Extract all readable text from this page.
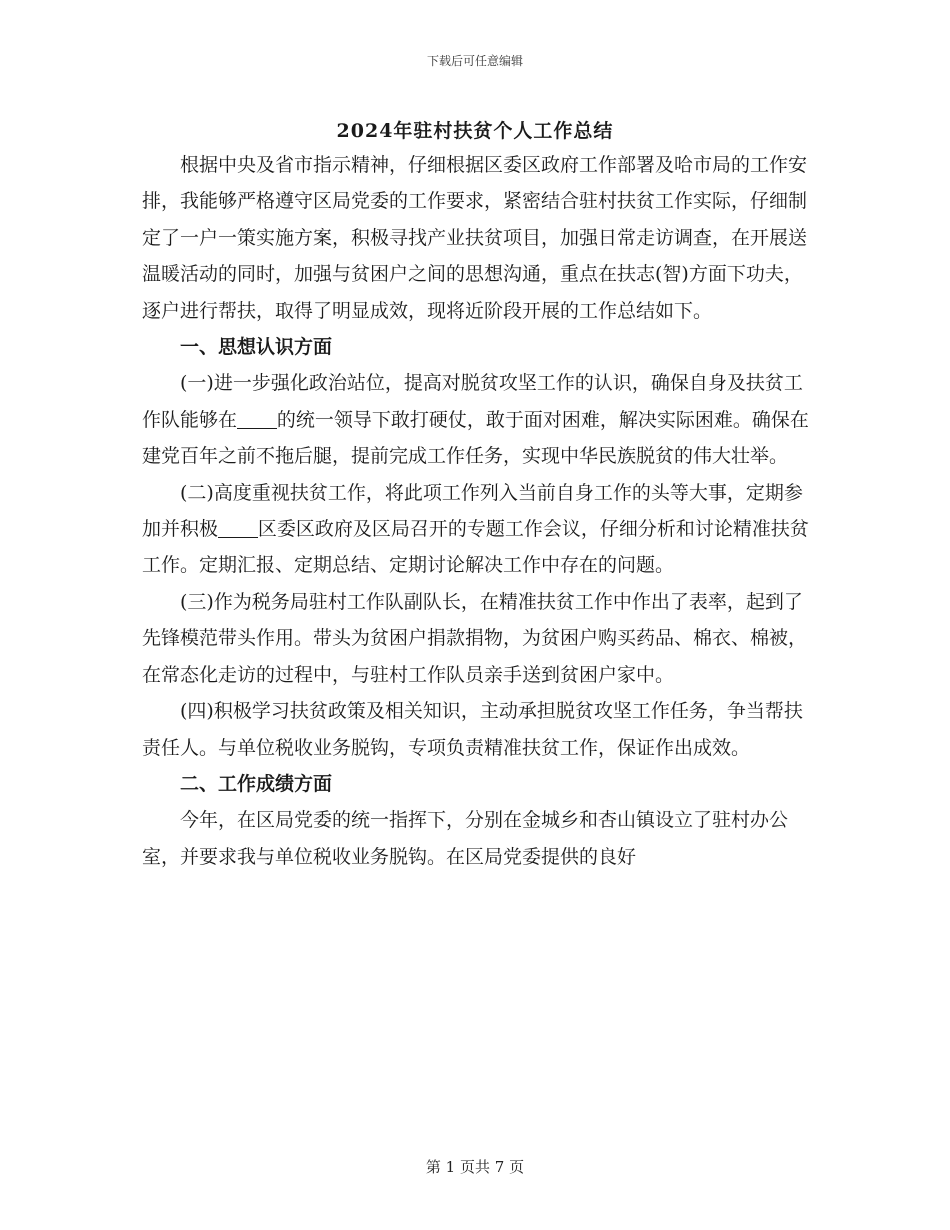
下载后可任意编辑
2024年驻村扶贫个人工作总结

根据中央及省市指示精神，仔细根据区委区政府工作部署及哈市局的工作安排，我能够严格遵守区局党委的工作要求，紧密结合驻村扶贫工作实际，仔细制定了一户一策实施方案，积极寻找产业扶贫项目，加强日常走访调查，在开展送温暖活动的同时，加强与贫困户之间的思想沟通，重点在扶志(智)方面下功夫，逐户进行帮扶，取得了明显成效，现将近阶段开展的工作总结如下。

一、思想认识方面

(一)进一步强化政治站位，提高对脱贫攻坚工作的认识，确保自身及扶贫工作队能够在 的统一领导下敢打硬仗，敢于面对困难，解决实际困难。确保在建党百年之前不拖后腿，提前完成工作任务，实现中华民族脱贫的伟大壮举。

(二)高度重视扶贫工作，将此项工作列入当前自身工作的头等大事，定期参加并积极 区委区政府及区局召开的专题工作会议，仔细分析和讨论精准扶贫工作。定期汇报、定期总结、定期讨论解决工作中存在的问题。

(三)作为税务局驻村工作队副队长，在精准扶贫工作中作出了表率，起到了先锋模范带头作用。带头为贫困户捐款捐物，为贫困户购买药品、棉衣、棉被，在常态化走访的过程中，与驻村工作队员亲手送到贫困户家中。

(四)积极学习扶贫政策及相关知识，主动承担脱贫攻坚工作任务，争当帮扶责任人。与单位税收业务脱钩，专项负责精准扶贫工作，保证作出成效。

二、工作成绩方面

今年，在区局党委的统一指挥下，分别在金城乡和杏山镇设立了驻村办公室，并要求我与单位税收业务脱钩。在区局党委提供的良好

第 1 页共 7 页
